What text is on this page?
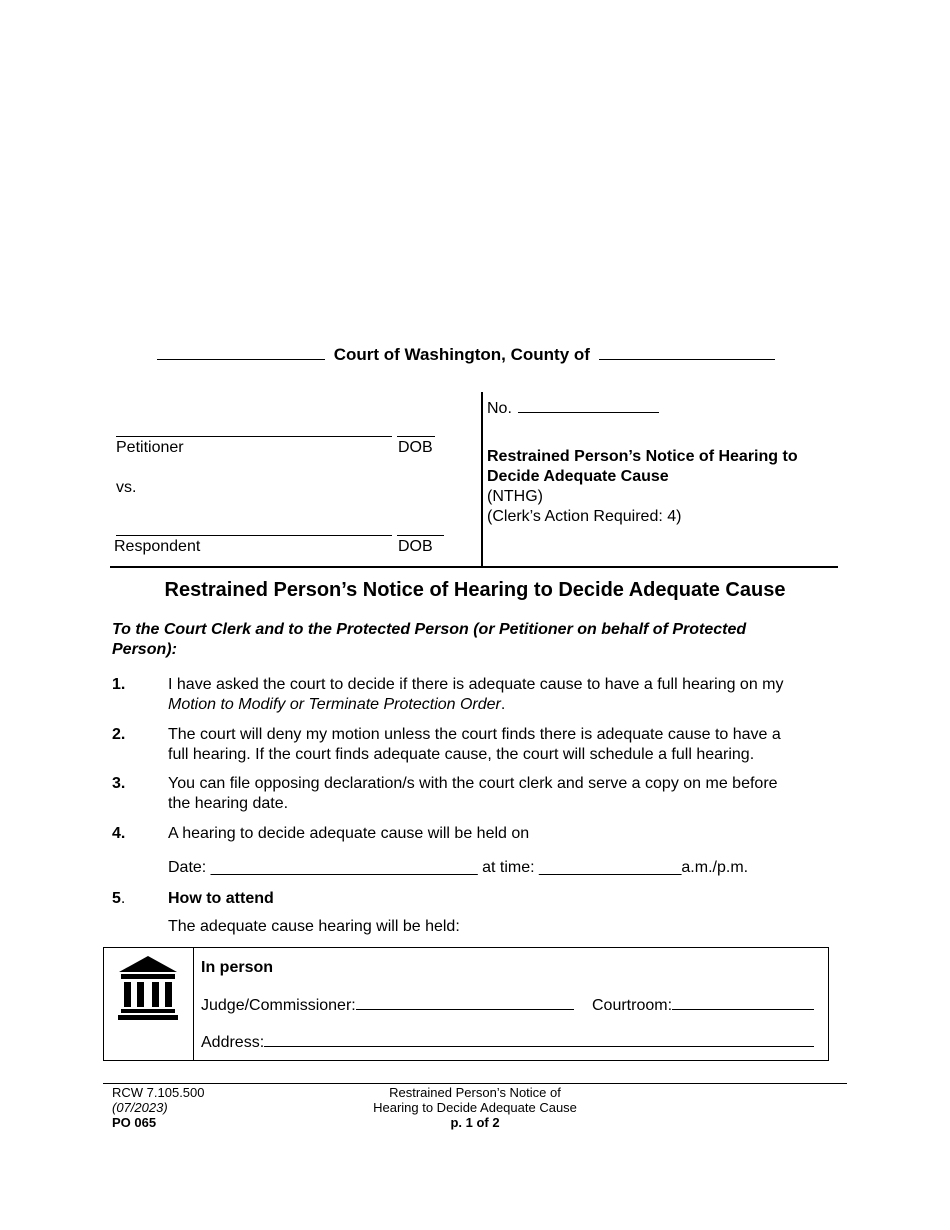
Court of Washington, County of
Petitioner	DOB
vs.
Respondent	DOB
No.
Restrained Person’s Notice of Hearing to
Decide Adequate Cause
(NTHG)
(Clerk’s Action Required: 4)
Restrained Person’s Notice of Hearing to Decide Adequate Cause
To the Court Clerk and to the Protected Person (or Petitioner on behalf of Protected
Person):
1.	I have asked the court to decide if there is adequate cause to have a full hearing on my
Motion to Modify or Terminate Protection Order.
2.	The court will deny my motion unless the court finds there is adequate cause to have a
full hearing. If the court finds adequate cause, the court will schedule a full hearing.
3.	You can file opposing declaration/s with the court clerk and serve a copy on me before
the hearing date.
4.	A hearing to decide adequate cause will be held on
Date: ______________________________ at time: ________________a.m./p.m.
5.	How to attend
The adequate cause hearing will be held:
In person
Judge/Commissioner:	Courtroom:
Address:
RCW 7.105.500
(07/2023)
PO 065
Restrained Person’s Notice of
Hearing to Decide Adequate Cause
p. 1 of 2
